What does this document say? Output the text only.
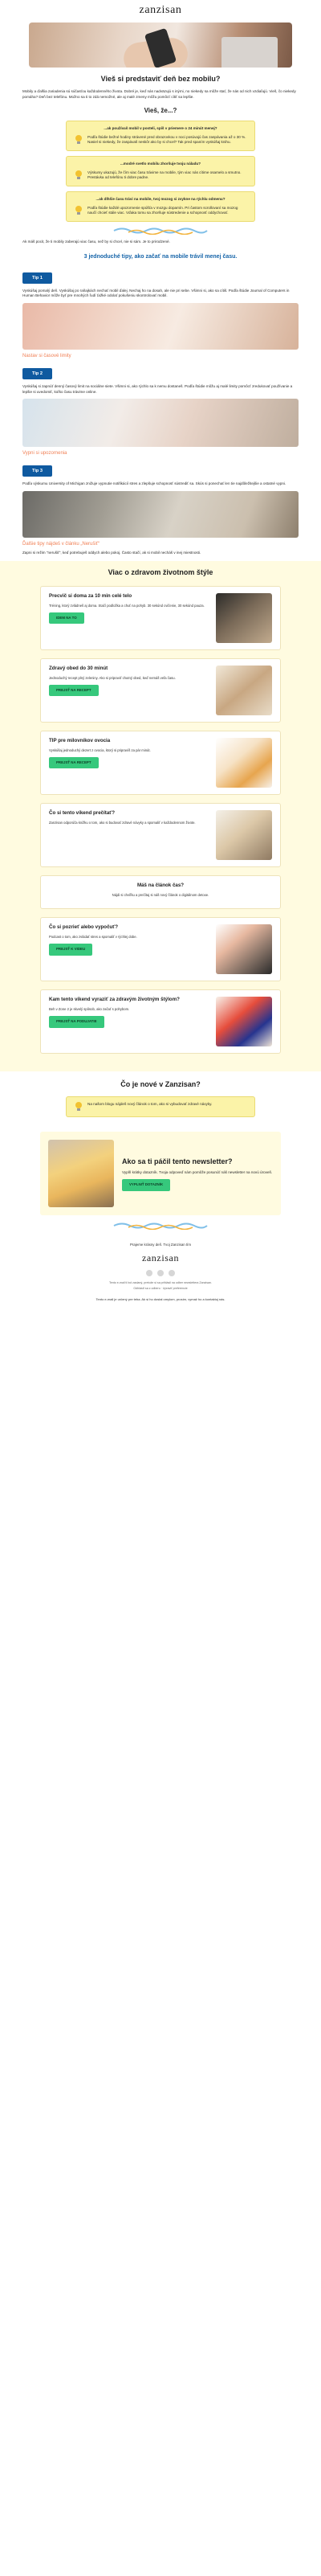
zanzisan
Vieš si predstaviť deň bez mobilu?

Mobily a ďalšia zariadenia sú súčasťou každodenného života. Dobré je, keď nás nadväzujú s inými, no niekedy sa môže stať, že nás od nich vzdiaľujú. Vieš, čo niekedy pomáha? Deň bez telefónu. Možno sa ti to zdá nemožné, ale aj malé zmeny môžu pomôcť cítiť sa lepšie.

Vieš, že...?
...ak používaš mobil v posteli, spíš v priemere o 24 minút menej?
Podľa štúdie bežné hodiny strávené pred obrazovkou v noci posúvajú čas zaspávania až o 30 %. Nasiel si niekedy, že zaspávaš neskôr ako by si chcel? Tak pred spaním vyskúšaj knihu.
...modré svetlo mobilu zhoršuje tvoju náladu?
Výskumy ukazujú, že čím viac času trávime na mobile, tým viac nás cítime osamelo a smutno. Prestávka od telefónu ti dobre padne.
...ak dlhšie času trávi na mobile, tvoj mozog si zvykne na rýchlu odmenu?
Podľa štúdie každé upozornenie spúšťa v mozgu dopamín. Pri častom scrollovaní sa mozog naučí chcieť stále viac. Vďaka tomu sa zhoršuje sústredenie a schopnosť oddychovať.

Ak máš pocit, že ti mobily zaberajú viac času, než by si chcel, nie si sám. Je to prirodzené.

3 jednoduché tipy, ako začať na mobile trávil menej času.
Tip 1

Vyskúšaj pomalý deň. Vyskúšaj po raňajkách nechať mobil ďalej. Nechaj ho na dosah, ale nie pri sebe. Všimni si, ako sa cítiš. Podľa štúdie Journal of Computers in Human Behavior môže byť pre mnohých ľudí ťažké odolať pokušeniu skontrolovať mobil.

Nastav si časové limity
Tip 2

Vyskúšaj si zapnúť denný časový limit na sociálne siete. Všimni si, ako rýchlo sa k nemu dostaneš. Podľa štúdie môžu aj malé limity pomôcť zredukovať používanie a lepšie si uvedomiť, koľko času trávime online.

Vypni si upozornenia
Tip 3

Podľa výskumu University of Michigan znižuje vypnutie notifikácií stres a zlepšuje schopnosť sústrediť sa. Skús si ponechať len tie najdôležitejšie a ostatné vypni.

Ďalšie tipy nájdeš v článku „Nerušiť“

Zapni si režim "nerušiť", keď potrebuješ oddych alebo pokoj. Často stačí, ak si mobil necháš v inej miestnosti.

Viac o zdravom životnom štýle
Precvič si doma za 10 min celé telo
Tréning, ktorý zvládneš aj doma. Stačí podložka a chuť na pohyb. 30 sekúnd cvičenie, 30 sekúnd pauza.
IDEM NA TO
Zdravý obed do 30 minút
Jednoduchý recept plný zeleniny. Ako si pripraviť chutný obed, keď nemáš veľa času.
PREJSŤ NA RECEPT
TIP pre milovníkov ovocia
Vyskúšaj jednoduchý dezert z ovocia, ktorý si pripravíš za pár minút.
PREJSŤ NA RECEPT
Čo si tento víkend prečítať?
Zanzisan odporúča knižku o tom, ako si budovať zdravé návyky a spomaliť v každodennom živote.
Máš na článok čas?
Nájdi si chvíľku a prečítaj si náš nový článok o digitálnom detoxe.
Čo si pozrieť alebo vypočuť?
Podcast o tom, ako zvládať stres a spomaliť v rýchlej dobe.
PREJSŤ K VIDEU
Kam tento víkend vyraziť za zdravým životným štýlom?
Beh v Zone 2 je skvelý spôsob, ako začať s pohybom.
PREJSŤ NA PODUJATIE
Čo je nové v Zanzisan?
Na našom blogu nájdeš nový článok o tom, ako si vybudovať zdravé návyky.
Ako sa ti páčil tento newsletter?

Vyplň krátky dotazník. Tvoja odpoveď nám pomôže posunúť náš newsletter na novú úroveň.

VYPLNIŤ DOTAZNÍK
Prajeme krásny deň. Tvoj Zanzisan tím
zanzisan
Tento e-mail ti bol zaslaný, pretože si sa prihlásil na odber newslettera Zanzisan.
Odhlásiť sa z odberu · Upraviť preferencie
Tento e-mail je určený pre teba. Ak si ho dostal omylom, prosím, vymaž ho a kontaktuj nás.
